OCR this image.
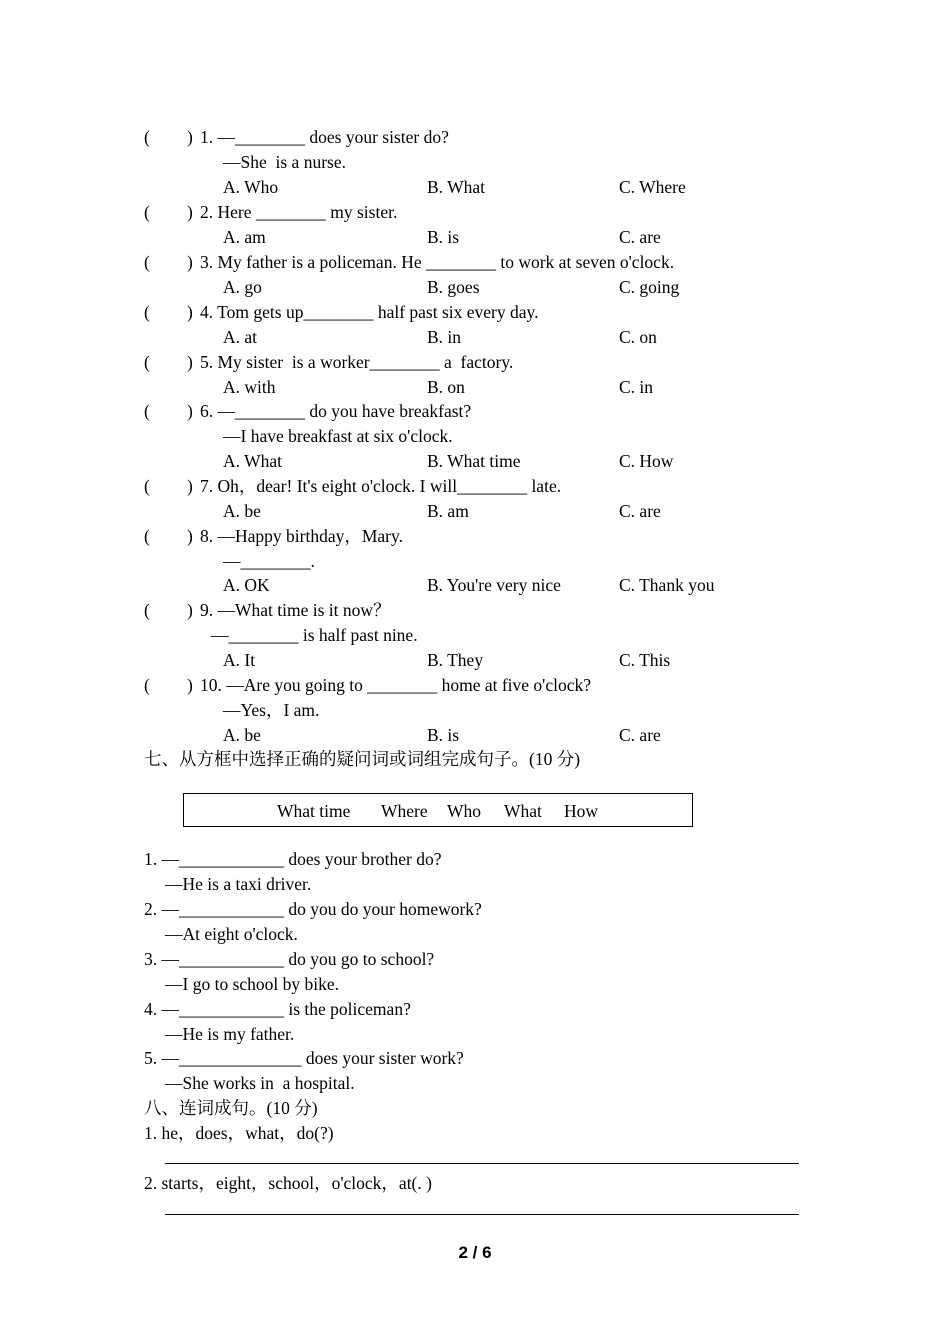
( ) 1. —________ does your sister do?
—She  is a nurse.
A. Who	B. What	C. Where
( ) 2. Here ________ my sister.
A. am	B. is	C. are
( ) 3. My father is a policeman. He ________ to work at seven o'clock.
A. go	B. goes	C. going
( ) 4. Tom gets up________ half past six every day.
A. at	B. in	C. on
( ) 5. My sister  is a worker________ a  factory.
A. with	B. on	C. in
( ) 6. —________ do you have breakfast?
—I have breakfast at six o'clock.
A. What	B. What time	C. How
( ) 7. Oh，dear! It's eight o'clock. I will________ late.
A. be	B. am	C. are
( ) 8. —Happy birthday，Mary.
—________.
A. OK	B. You're very nice	C. Thank you
( ) 9. —What time is it now？
—________ is half past nine.
A. It	B. They	C. This
( ) 10. —Are you going to ________ home at five o'clock?
—Yes，I am.
A. be	B. is	C. are
七、从方框中选择正确的疑问词或词组完成句子。(10 分)
What time Where Who What How
1. —____________ does your brother do?
—He is a taxi driver.
2. —____________ do you do your homework?
—At eight o'clock.
3. —____________ do you go to school?
—I go to school by bike.
4. —____________ is the policeman?
—He is my father.
5. —______________ does your sister work?
—She works in  a hospital.
八、连词成句。(10 分)
1. he，does，what，do(?)
2. starts，eight，school，o'clock，at(. )
2 / 6
